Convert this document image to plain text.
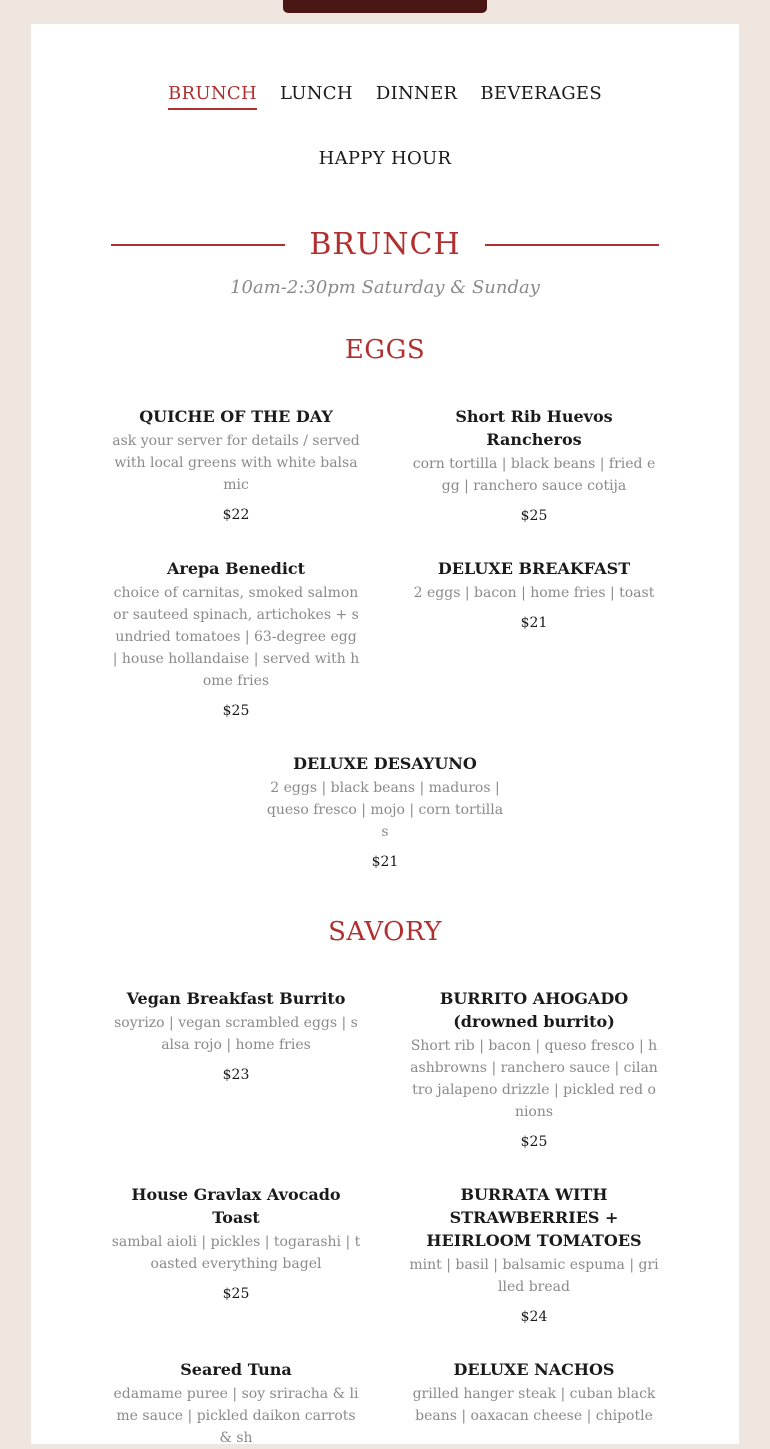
BRUNCH LUNCH DINNER BEVERAGES
HAPPY HOUR
BRUNCH

10am-2:30pm Saturday & Sunday

EGGS
QUICHE OF THE DAY
ask your server for details / served with local greens with white balsamic
$22
Short Rib Huevos Rancheros
corn tortilla | black beans | fried egg | ranchero sauce cotija
$25
Arepa Benedict
choice of carnitas, smoked salmon or sauteed spinach, artichokes + sundried tomatoes | 63-degree egg | house hollandaise | served with home fries
$25
DELUXE BREAKFAST
2 eggs | bacon | home fries | toast
$21
DELUXE DESAYUNO
2 eggs | black beans | maduros | queso fresco | mojo | corn tortillas
$21
SAVORY
Vegan Breakfast Burrito
soyrizo | vegan scrambled eggs | salsa rojo | home fries
$23
BURRITO AHOGADO (drowned burrito)
Short rib | bacon | queso fresco | hashbrowns | ranchero sauce | cilantro jalapeno drizzle | pickled red onions
$25
House Gravlax Avocado Toast
sambal aioli | pickles | togarashi | toasted everything bagel
$25
BURRATA WITH STRAWBERRIES + HEIRLOOM TOMATOES
mint | basil | balsamic espuma | grilled bread
$24
Seared Tuna
edamame puree | soy sriracha & lime sauce | pickled daikon carrots & sh
DELUXE NACHOS
grilled hanger steak | cuban black beans | oaxacan cheese | chipotle
